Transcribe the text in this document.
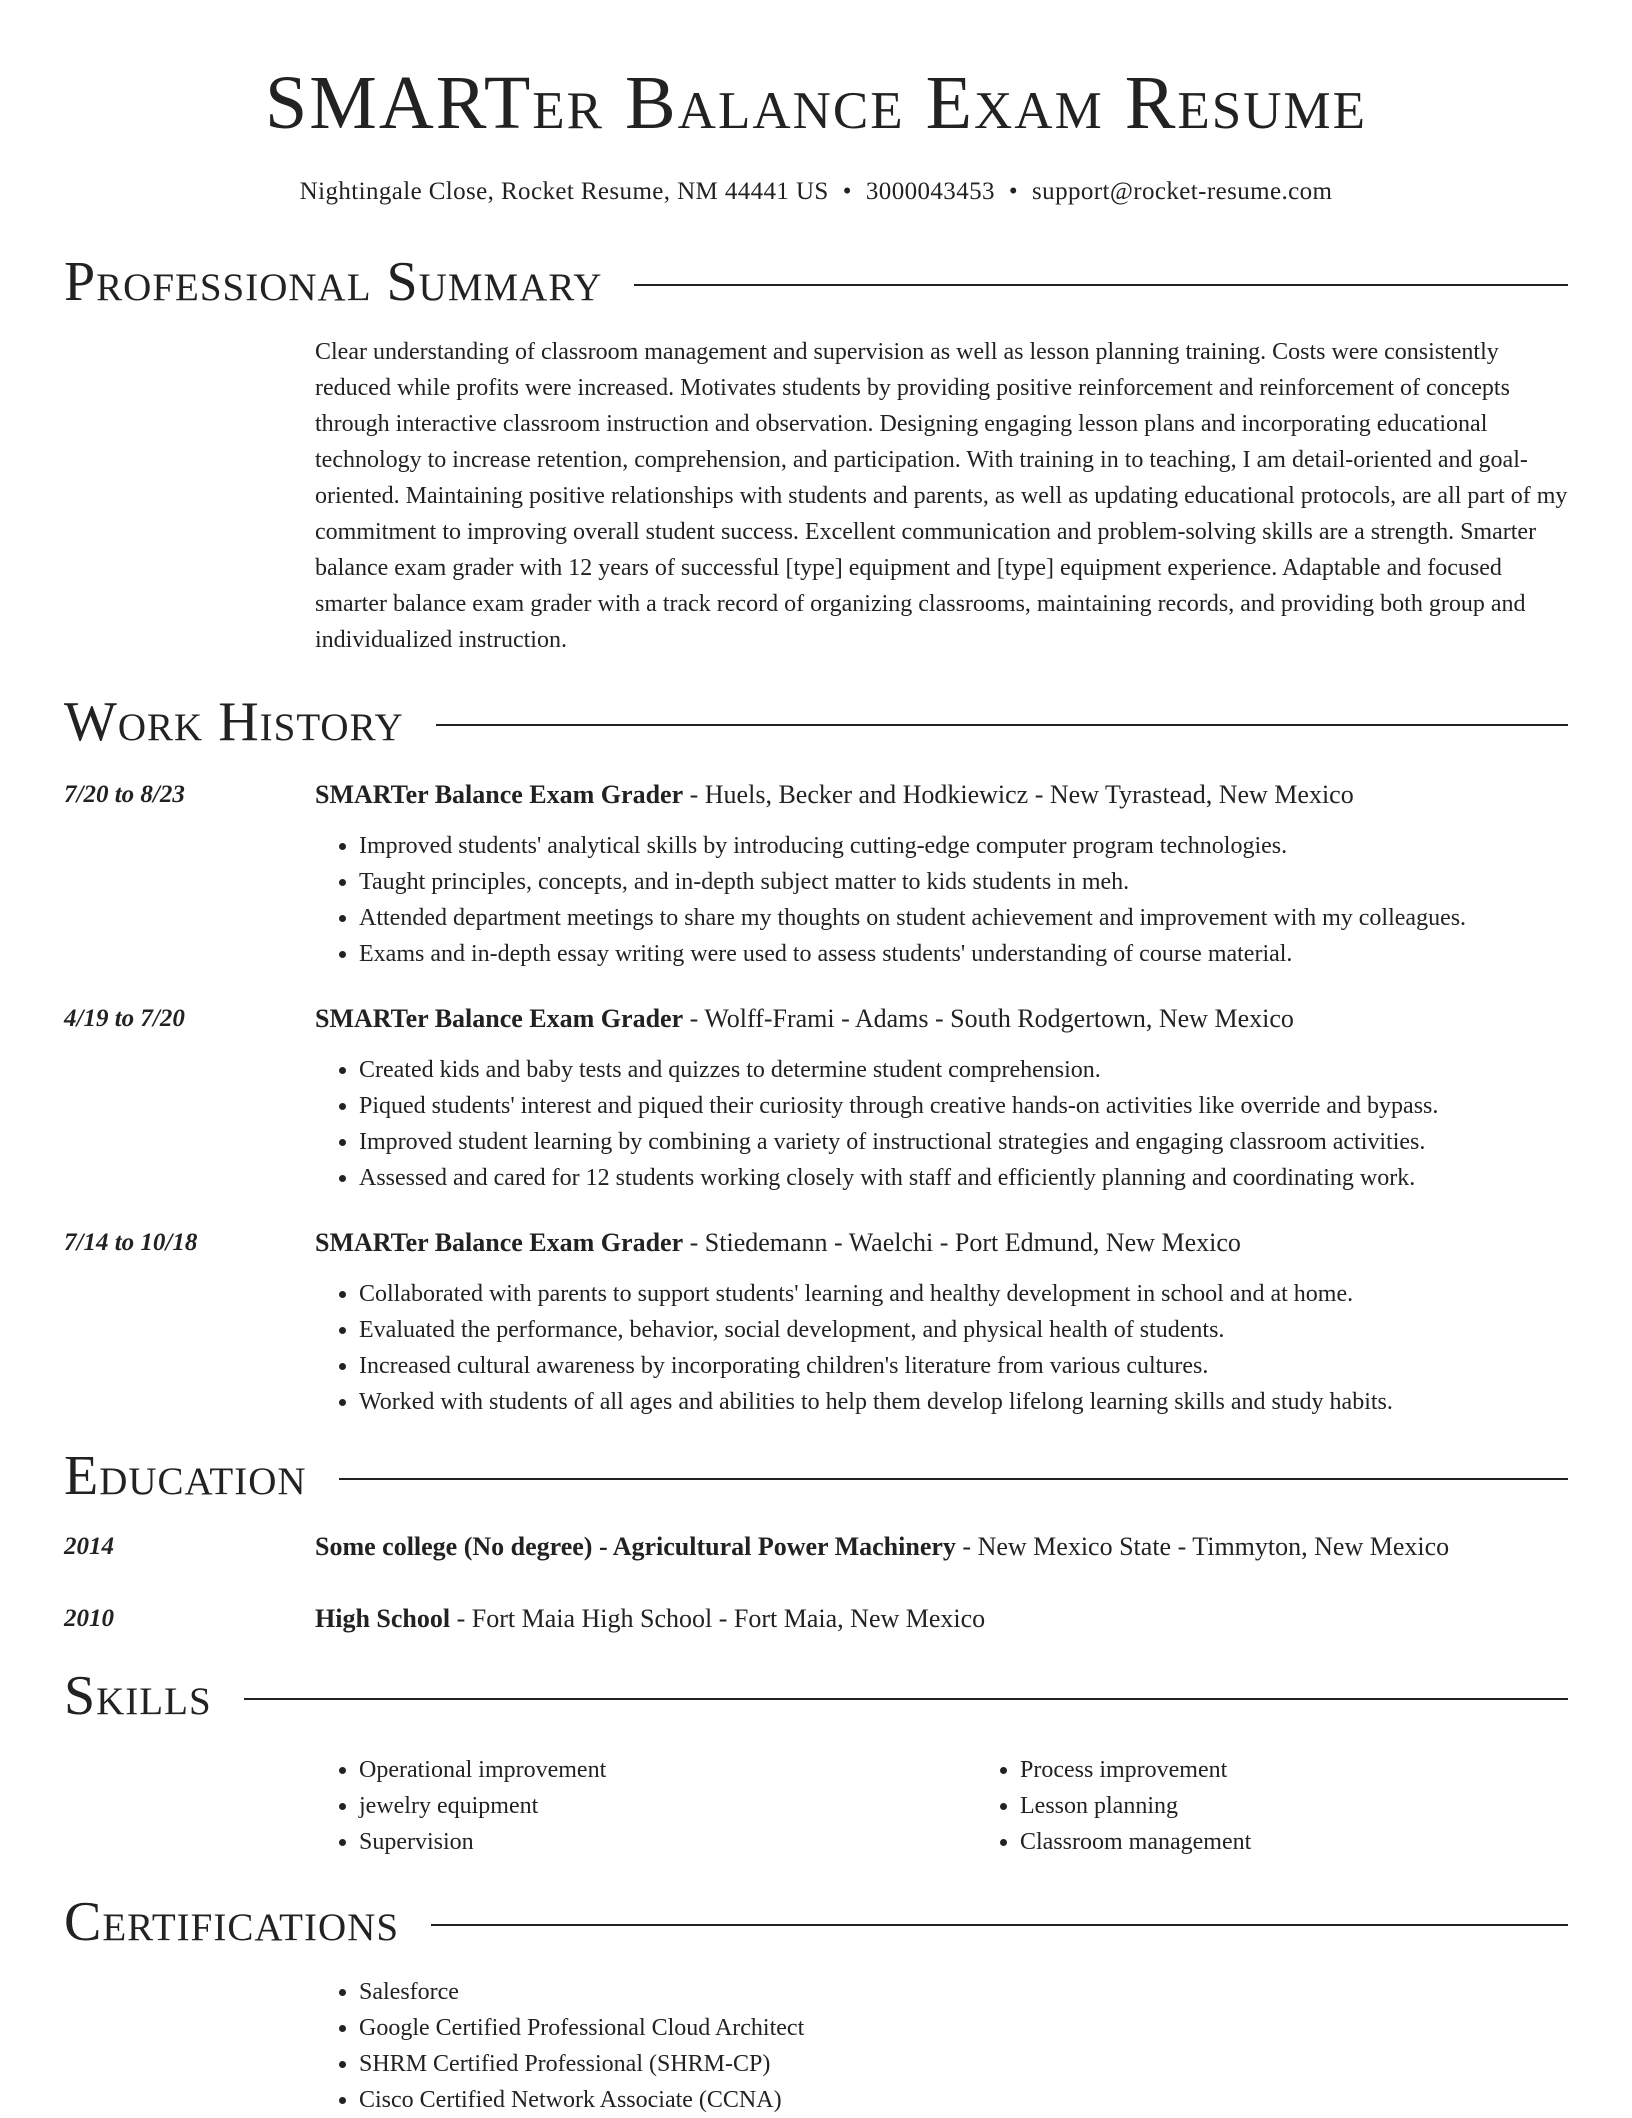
SMARTer Balance Exam Resume
Nightingale Close, Rocket Resume, NM 44441 US • 3000043453 • support@rocket-resume.com
Professional Summary
Clear understanding of classroom management and supervision as well as lesson planning training. Costs were consistently reduced while profits were increased. Motivates students by providing positive reinforcement and reinforcement of concepts through interactive classroom instruction and observation. Designing engaging lesson plans and incorporating educational technology to increase retention, comprehension, and participation. With training in to teaching, I am detail-oriented and goal-oriented. Maintaining positive relationships with students and parents, as well as updating educational protocols, are all part of my commitment to improving overall student success. Excellent communication and problem-solving skills are a strength. Smarter balance exam grader with 12 years of successful [type] equipment and [type] equipment experience. Adaptable and focused smarter balance exam grader with a track record of organizing classrooms, maintaining records, and providing both group and individualized instruction.
Work History
7/20 to 8/23	SMARTer Balance Exam Grader - Huels, Becker and Hodkiewicz - New Tyrastead, New Mexico
• Improved students' analytical skills by introducing cutting-edge computer program technologies.
• Taught principles, concepts, and in-depth subject matter to kids students in meh.
• Attended department meetings to share my thoughts on student achievement and improvement with my colleagues.
• Exams and in-depth essay writing were used to assess students' understanding of course material.
4/19 to 7/20	SMARTer Balance Exam Grader - Wolff-Frami - Adams - South Rodgertown, New Mexico
• Created kids and baby tests and quizzes to determine student comprehension.
• Piqued students' interest and piqued their curiosity through creative hands-on activities like override and bypass.
• Improved student learning by combining a variety of instructional strategies and engaging classroom activities.
• Assessed and cared for 12 students working closely with staff and efficiently planning and coordinating work.
7/14 to 10/18	SMARTer Balance Exam Grader - Stiedemann - Waelchi - Port Edmund, New Mexico
• Collaborated with parents to support students' learning and healthy development in school and at home.
• Evaluated the performance, behavior, social development, and physical health of students.
• Increased cultural awareness by incorporating children's literature from various cultures.
• Worked with students of all ages and abilities to help them develop lifelong learning skills and study habits.
Education
2014	Some college (No degree) - Agricultural Power Machinery - New Mexico State - Timmyton, New Mexico
2010	High School - Fort Maia High School - Fort Maia, New Mexico
Skills
• Operational improvement
• jewelry equipment
• Supervision
• Process improvement
• Lesson planning
• Classroom management
Certifications
• Salesforce
• Google Certified Professional Cloud Architect
• SHRM Certified Professional (SHRM-CP)
• Cisco Certified Network Associate (CCNA)
